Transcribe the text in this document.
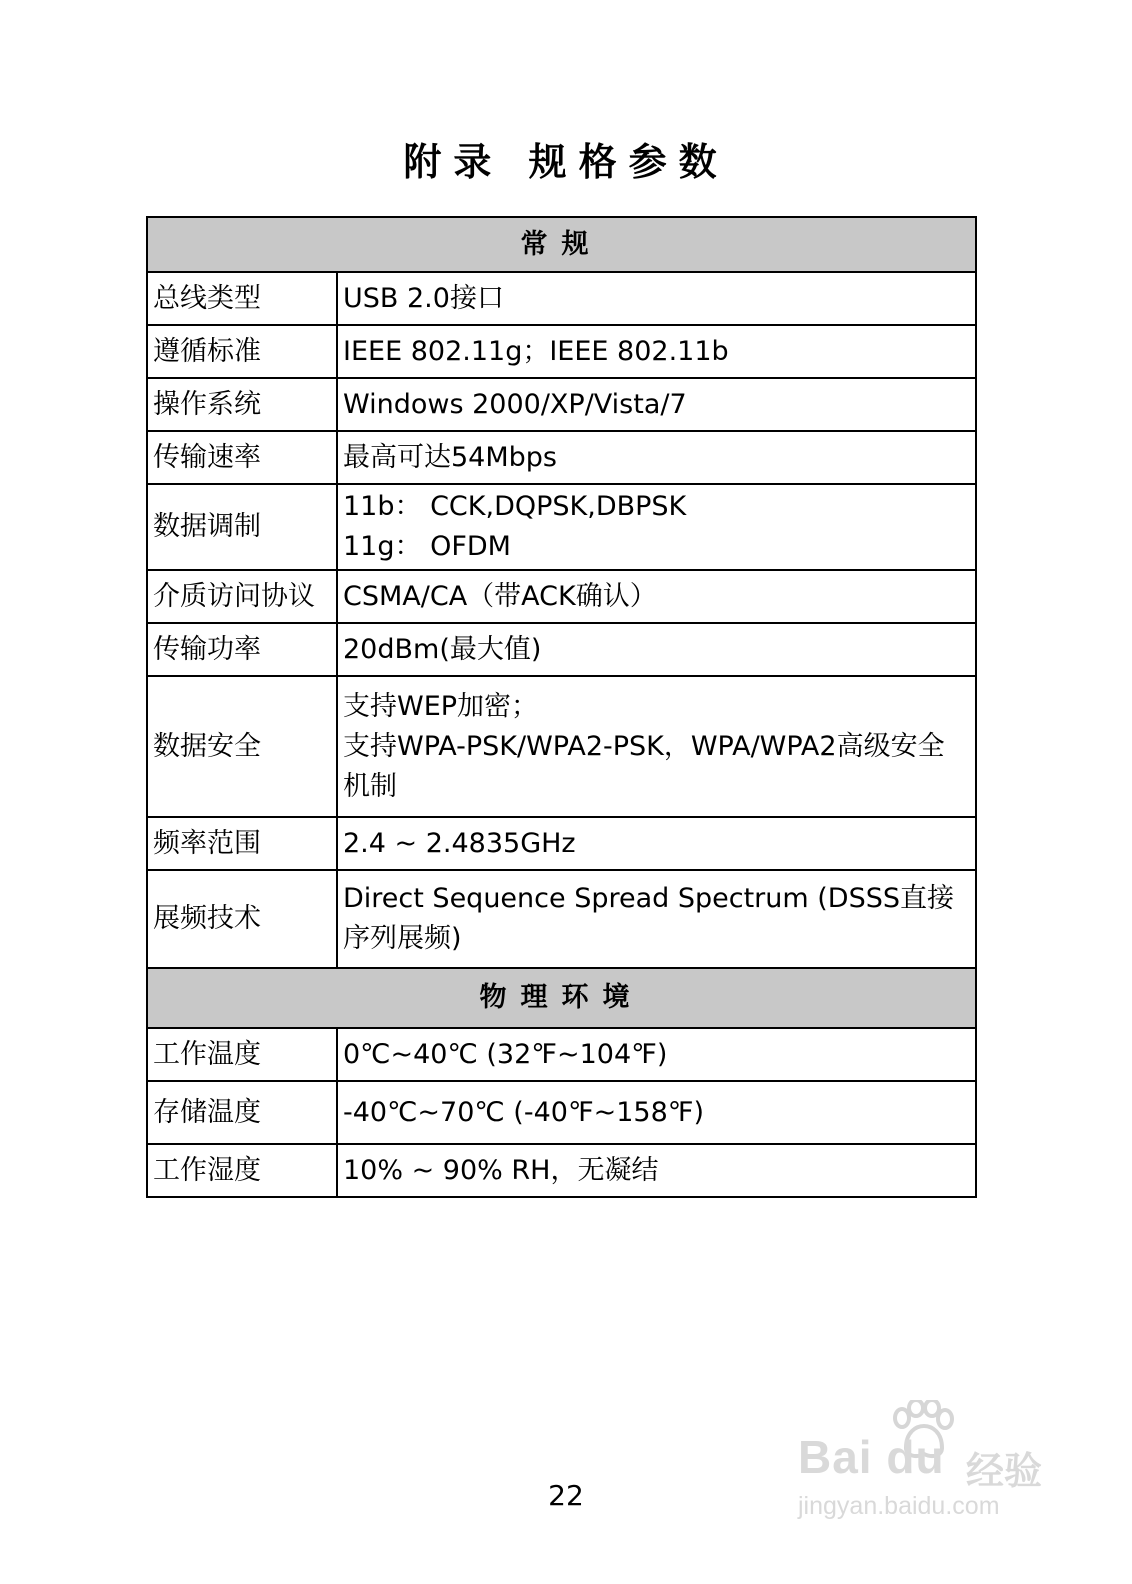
附录 规格参数
常规	
总线类型	USB 2.0接口

遵循标准	IEEE 802.11g；IEEE 802.11b

操作系统	Windows 2000/XP/Vista/7

传输速率	最高可达54Mbps

数据调制	11b： CCK,DQPSK,DBPSK
11g： OFDM

介质访问协议	CSMA/CA（带ACK确认）

传输功率	20dBm(最大值)

数据安全	支持WEP加密；
支持WPA-PSK/WPA2-PSK，WPA/WPA2高级安全机制

频率范围	2.4 ~ 2.4835GHz

展频技术	Direct Sequence Spread Spectrum (DSSS直接序列展频)

物理环境	
工作温度	0℃~40℃ (32℉~104℉)

存储温度	-40℃~70℃ (-40℉~158℉)

工作湿度	10% ~ 90% RH，无凝结
22
Bai du 经验
jingyan.baidu.com
